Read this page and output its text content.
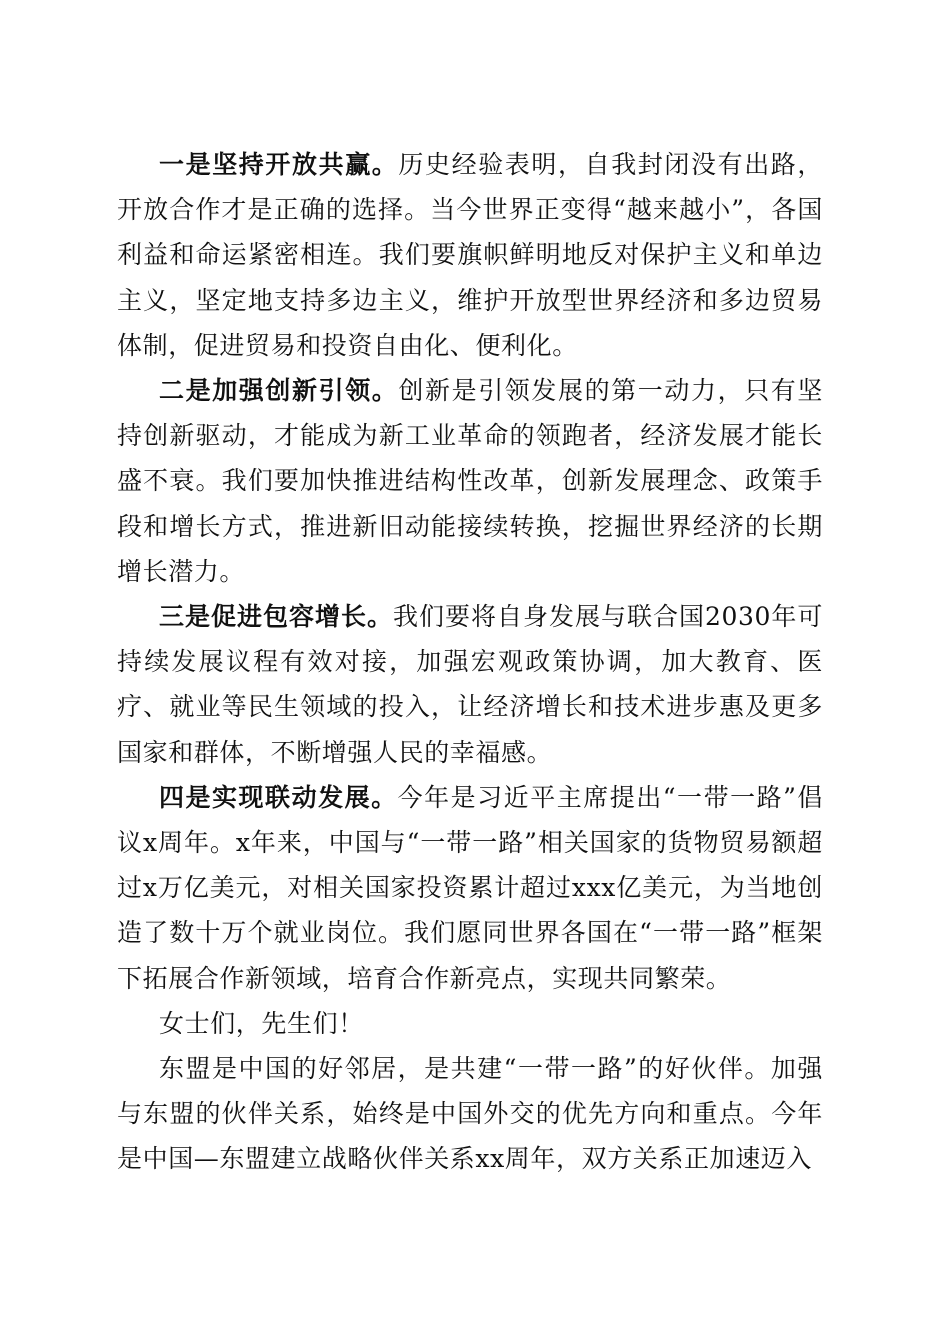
一是坚持开放共赢。历史经验表明，自我封闭没有出路，开放合作才是正确的选择。当今世界正变得“越来越小”，各国利益和命运紧密相连。我们要旗帜鲜明地反对保护主义和单边主义，坚定地支持多边主义，维护开放型世界经济和多边贸易体制，促进贸易和投资自由化、便利化。

二是加强创新引领。创新是引领发展的第一动力，只有坚持创新驱动，才能成为新工业革命的领跑者，经济发展才能长盛不衰。我们要加快推进结构性改革，创新发展理念、政策手段和增长方式，推进新旧动能接续转换，挖掘世界经济的长期增长潜力。

三是促进包容增长。我们要将自身发展与联合国2030年可持续发展议程有效对接，加强宏观政策协调，加大教育、医疗、就业等民生领域的投入，让经济增长和技术进步惠及更多国家和群体，不断增强人民的幸福感。

四是实现联动发展。今年是习近平主席提出“一带一路”倡议x周年。x年来，中国与“一带一路”相关国家的货物贸易额超过x万亿美元，对相关国家投资累计超过xxx亿美元，为当地创造了数十万个就业岗位。我们愿同世界各国在“一带一路”框架下拓展合作新领域，培育合作新亮点，实现共同繁荣。

女士们，先生们！

东盟是中国的好邻居，是共建“一带一路”的好伙伴。加强与东盟的伙伴关系，始终是中国外交的优先方向和重点。今年是中国—东盟建立战略伙伴关系xx周年，双方关系正加速迈入
